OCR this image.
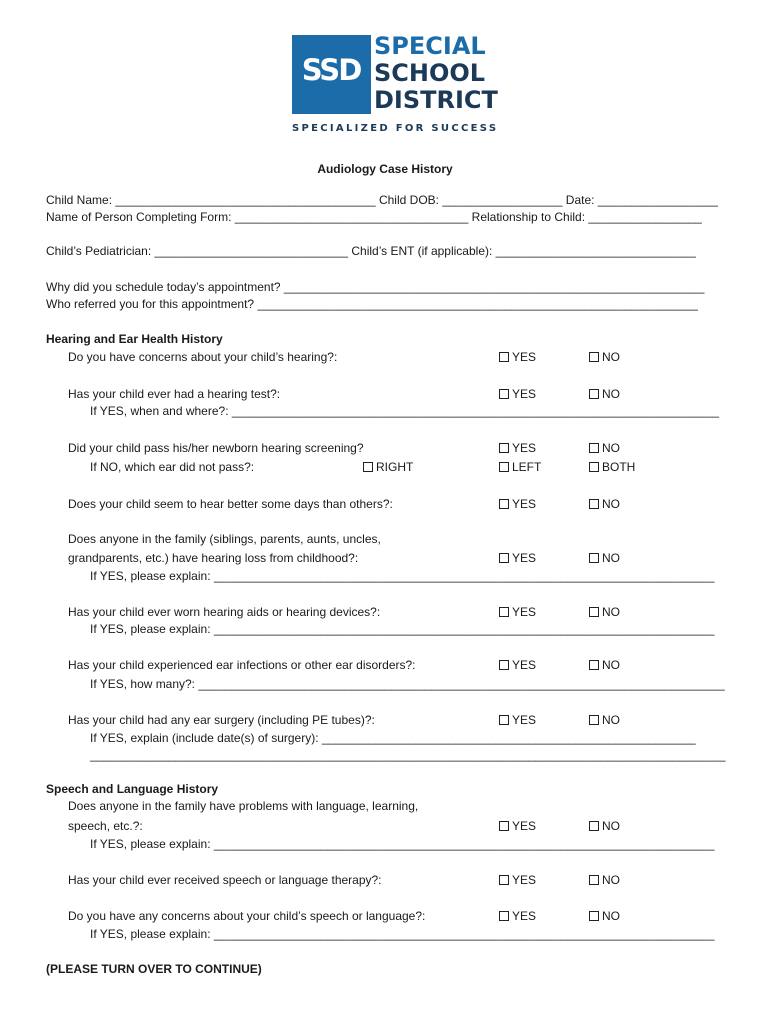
SSD
SPECIAL
SCHOOL
DISTRICT
SPECIALIZED FOR SUCCESS
Audiology Case History
Child Name: _______________________________________ Child DOB: __________________ Date: __________________
Name of Person Completing Form: ___________________________________ Relationship to Child: _________________
Child’s Pediatrician: _____________________________ Child’s ENT (if applicable): ______________________________
Why did you schedule today’s appointment? _______________________________________________________________
Who referred you for this appointment? __________________________________________________________________
Hearing and Ear Health History
Do you have concerns about your child’s hearing?:	YES	NO
Has your child ever had a hearing test?:	YES	NO
If YES, when and where?: _________________________________________________________________________
Did your child pass his/her newborn hearing screening?	YES	NO
If NO, which ear did not pass?:	RIGHT	LEFT	BOTH
Does your child seem to hear better some days than others?:	YES	NO
Does anyone in the family (siblings, parents, aunts, uncles,
grandparents, etc.) have hearing loss from childhood?:	YES	NO
If YES, please explain: ___________________________________________________________________________
Has your child ever worn hearing aids or hearing devices?:	YES	NO
If YES, please explain: ___________________________________________________________________________
Has your child experienced ear infections or other ear disorders?:	YES	NO
If YES, how many?: _______________________________________________________________________________
Has your child had any ear surgery (including PE tubes)?:	YES	NO
If YES, explain (include date(s) of surgery): ________________________________________________________
_________________________________________________________________________________________________
Speech and Language History
Does anyone in the family have problems with language, learning,
speech, etc.?:	YES	NO
If YES, please explain: ___________________________________________________________________________
Has your child ever received speech or language therapy?:	YES	NO
Do you have any concerns about your child’s speech or language?:	YES	NO
If YES, please explain: ___________________________________________________________________________
(PLEASE TURN OVER TO CONTINUE)
